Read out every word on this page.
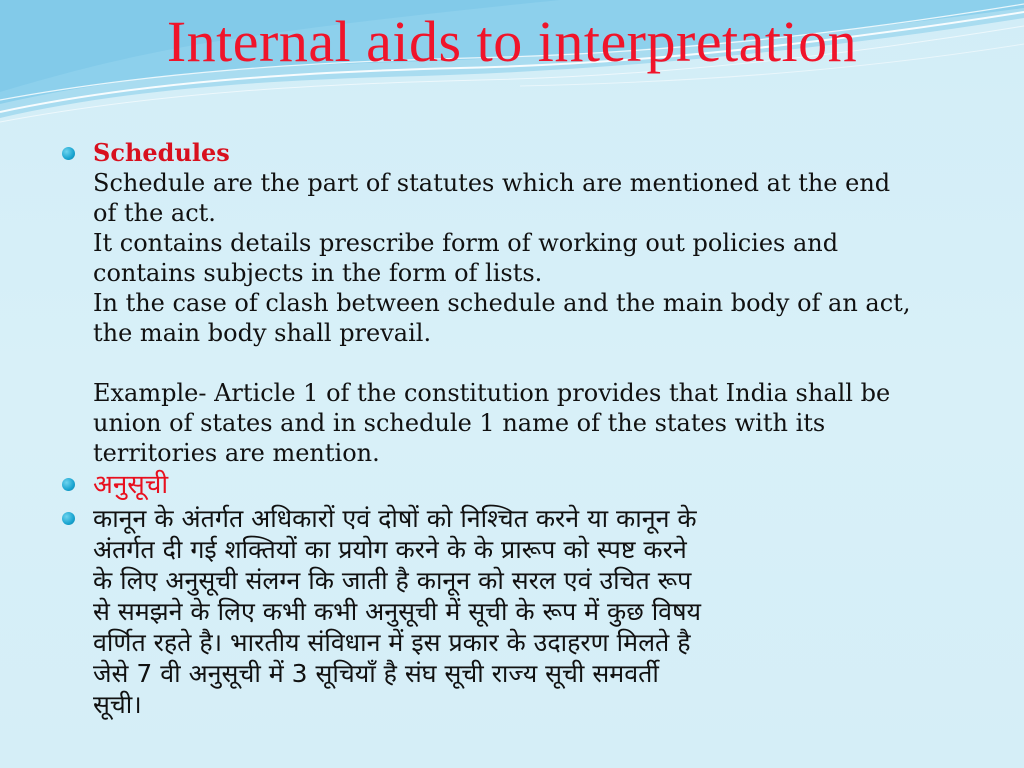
Internal aids to interpretation
Schedules
Schedule are the part of statutes which are mentioned at the end
of the act.
It contains details prescribe form of working out policies and
contains subjects in the form of lists.
In the case of clash between schedule and the main body of an act,
the main body shall prevail.
Example- Article 1 of the constitution provides that India shall be
union of states and in schedule 1 name of the states with its
territories are mention.
अनुसूची
कानून के अंतर्गत अधिकारों एवं दोषों को निश्चित करने या कानून के
अंतर्गत दी गई शक्तियों का प्रयोग करने के के प्रारूप को स्पष्ट करने
के लिए अनुसूची संलग्न कि जाती है कानून को सरल एवं उचित रूप
से समझने के लिए कभी कभी अनुसूची में सूची के रूप में कुछ विषय
वर्णित रहते है। भारतीय संविधान में इस प्रकार के उदाहरण मिलते है
जेसे 7 वी अनुसूची में 3 सूचियाँ है संघ सूची राज्य सूची समवर्ती
सूची।
